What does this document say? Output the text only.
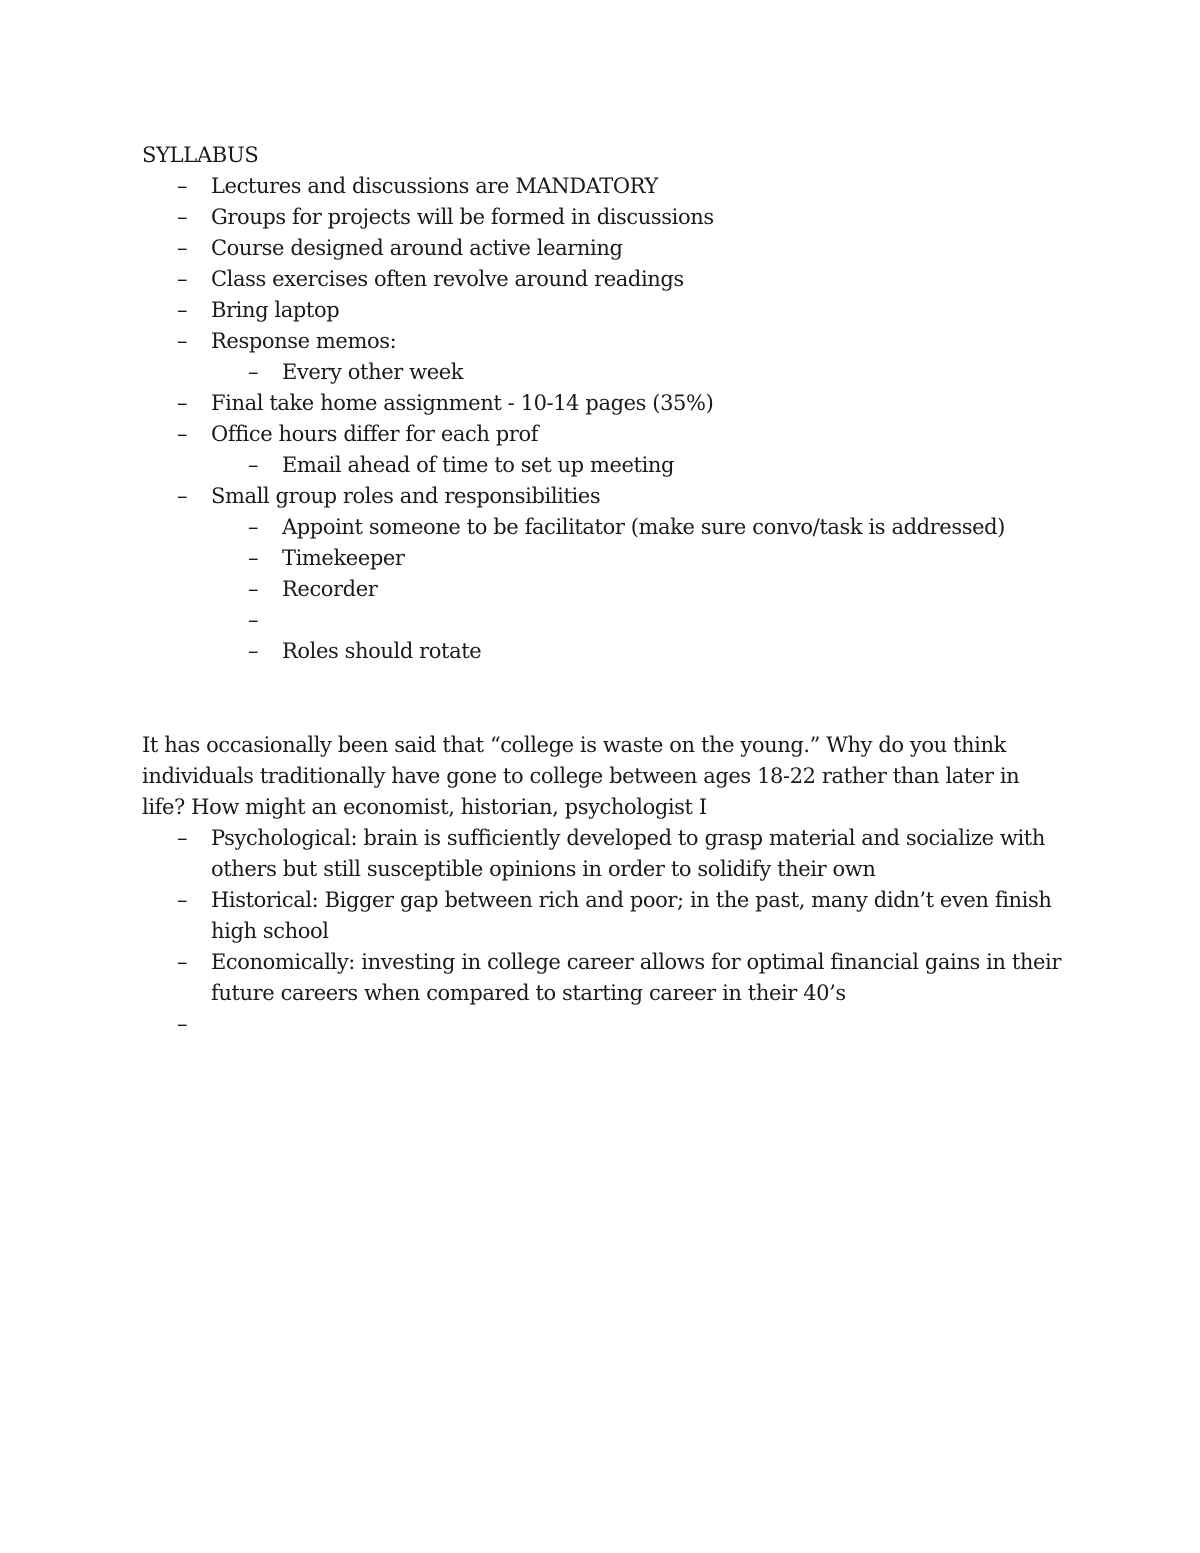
SYLLABUS
– Lectures and discussions are MANDATORY
– Groups for projects will be formed in discussions
– Course designed around active learning
– Class exercises often revolve around readings
– Bring laptop
– Response memos:
– Every other week
– Final take home assignment - 10-14 pages (35%)
– Office hours differ for each prof
– Email ahead of time to set up meeting
– Small group roles and responsibilities
– Appoint someone to be facilitator (make sure convo/task is addressed)
– Timekeeper
– Recorder
–
– Roles should rotate

It has occasionally been said that “college is waste on the young.” Why do you think individuals traditionally have gone to college between ages 18-22 rather than later in life? How might an economist, historian, psychologist I

– Psychological: brain is sufficiently developed to grasp material and socialize with others but still susceptible opinions in order to solidify their own
– Historical: Bigger gap between rich and poor; in the past, many didn’t even finish high school
– Economically: investing in college career allows for optimal financial gains in their future careers when compared to starting career in their 40’s
–
